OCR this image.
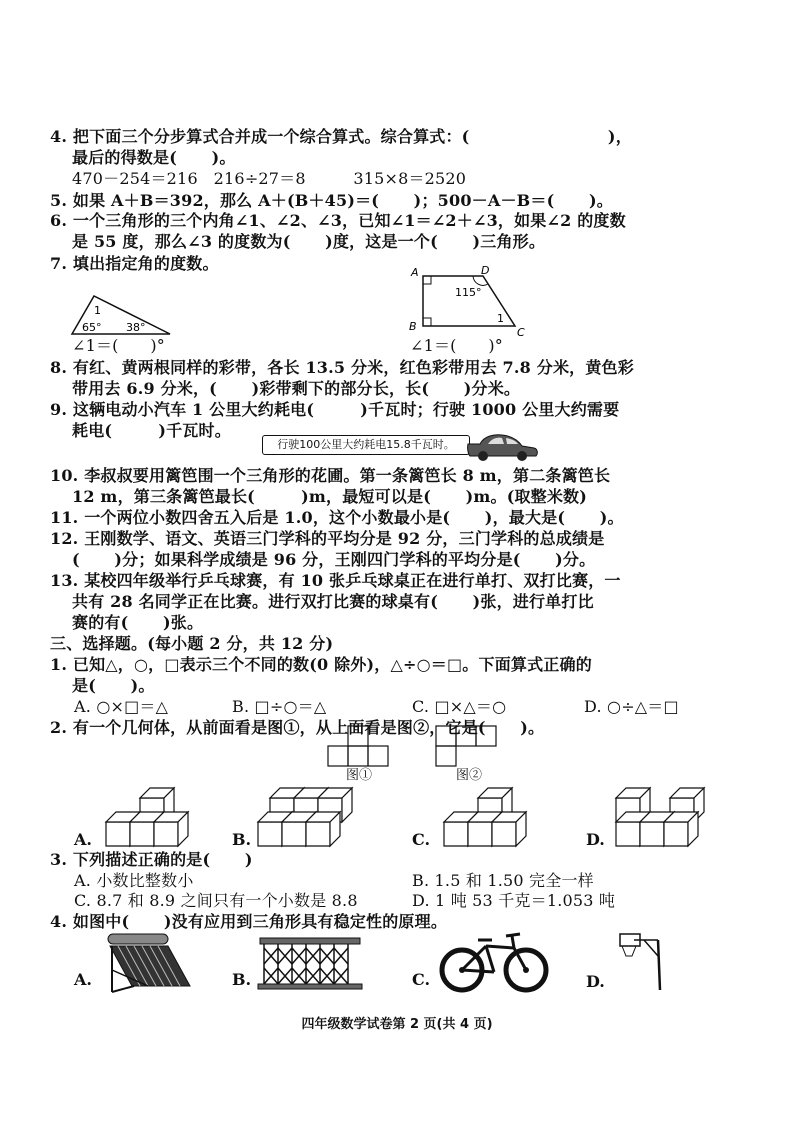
4. 把下面三个分步算式合并成一个综合算式。综合算式：(                        )，
最后的得数是(      )。
470－254＝216   216÷27＝8         315×8＝2520
5. 如果 A＋B＝392，那么 A＋(B＋45)＝(      )；500－A－B＝(      )。
6. 一个三角形的三个内角∠1、∠2、∠3，已知∠1＝∠2＋∠3，如果∠2 的度数
是 55 度，那么∠3 的度数为(      )度，这是一个(      )三角形。
7. 填出指定角的度数。
1
65° 38°
∠1＝(      )°
A	D
B	C
115°
1
∠1＝(      )°
8. 有红、黄两根同样的彩带，各长 13.5 分米，红色彩带用去 7.8 分米，黄色彩
带用去 6.9 分米，(      )彩带剩下的部分长，长(      )分米。
9. 这辆电动小汽车 1 公里大约耗电(        )千瓦时；行驶 1000 公里大约需要
耗电(        )千瓦时。
行驶100公里大约耗电15.8千瓦时。
10. 李叔叔要用篱笆围一个三角形的花圃。第一条篱笆长 8 m，第二条篱笆长
12 m，第三条篱笆最长(        )m，最短可以是(      )m。(取整米数)
11. 一个两位小数四舍五入后是 1.0，这个小数最小是(      )，最大是(      )。
12. 王刚数学、语文、英语三门学科的平均分是 92 分，三门学科的总成绩是
(      )分；如果科学成绩是 96 分，王刚四门学科的平均分是(      )分。
13. 某校四年级举行乒乓球赛，有 10 张乒乓球桌正在进行单打、双打比赛，一
共有 28 名同学正在比赛。进行双打比赛的球桌有(      )张，进行单打比
赛的有(      )张。
三、选择题。(每小题 2 分，共 12 分)
1. 已知△，○，□表示三个不同的数(0 除外)，△÷○＝□。下面算式正确的
是(      )。
A. ○×□＝△	B. □÷○＝△	C. □×△＝○	D. ○÷△＝□
2. 有一个几何体，从前面看是图①，从上面看是图②，它是(      )。
图①	图②
A.	B.	C.	D.
3. 下列描述正确的是(      )
A. 小数比整数小	B. 1.5 和 1.50 完全一样
C. 8.7 和 8.9 之间只有一个小数是 8.8	D. 1 吨 53 千克＝1.053 吨
4. 如图中(      )没有应用到三角形具有稳定性的原理。
A.	B.	C.	D.
四年级数学试卷第 2 页(共 4 页)
